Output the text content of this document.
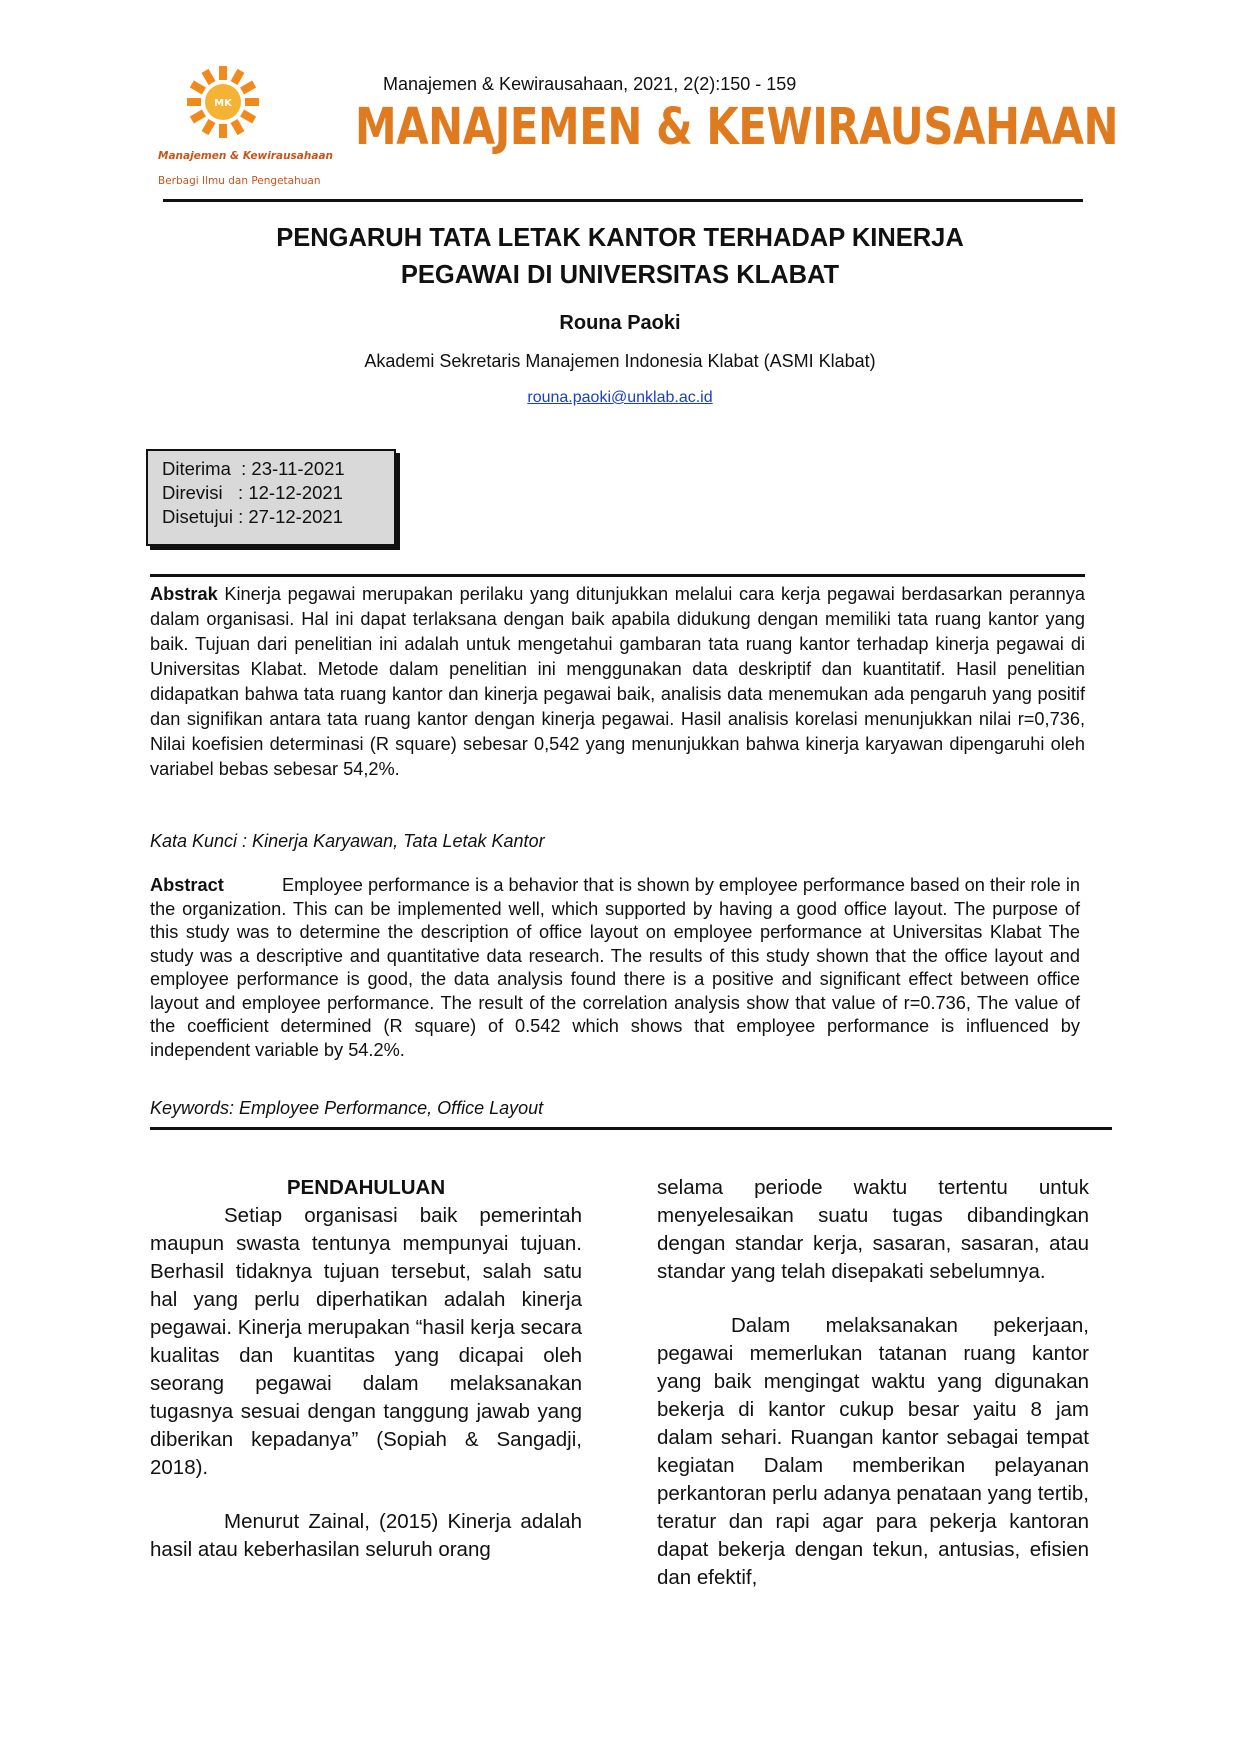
MK
Manajemen & Kewirausahaan
Berbagi Ilmu dan Pengetahuan
Manajemen & Kewirausahaan, 2021, 2(2):150 - 159
MANAJEMEN & KEWIRAUSAHAAN
PENGARUH TATA LETAK KANTOR TERHADAP KINERJA
PEGAWAI DI UNIVERSITAS KLABAT
Rouna Paoki
Akademi Sekretaris Manajemen Indonesia Klabat (ASMI Klabat)
rouna.paoki@unklab.ac.id
Diterima  : 23-11-2021
Direvisi   : 12-12-2021
Disetujui : 27-12-2021
Abstrak Kinerja pegawai merupakan perilaku yang ditunjukkan melalui cara kerja pegawai berdasarkan perannya dalam organisasi. Hal ini dapat terlaksana dengan baik apabila didukung dengan memiliki tata ruang kantor yang baik. Tujuan dari penelitian ini adalah untuk mengetahui gambaran tata ruang kantor terhadap kinerja pegawai di Universitas Klabat. Metode dalam penelitian ini menggunakan data deskriptif dan kuantitatif. Hasil penelitian didapatkan bahwa tata ruang kantor dan kinerja pegawai baik, analisis data menemukan ada pengaruh yang positif dan signifikan antara tata ruang kantor dengan kinerja pegawai. Hasil analisis korelasi menunjukkan nilai r=0,736, Nilai koefisien determinasi (R square) sebesar 0,542 yang menunjukkan bahwa kinerja karyawan dipengaruhi oleh variabel bebas sebesar 54,2%.
Kata Kunci : Kinerja Karyawan, Tata Letak Kantor
Abstract	Employee performance is a behavior that is shown by employee performance based on their role in the organization. This can be implemented well, which supported by having a good office layout. The purpose of this study was to determine the description of office layout on employee performance at Universitas Klabat The study was a descriptive and quantitative data research. The results of this study shown that the office layout and employee performance is good, the data analysis found there is a positive and significant effect between office layout and employee performance. The result of the correlation analysis show that value of r=0.736, The value of the coefficient determined (R square) of 0.542 which shows that employee performance is influenced by independent variable by 54.2%.
Keywords: Employee Performance, Office Layout
PENDAHULUAN

Setiap organisasi baik pemerintah maupun swasta tentunya mempunyai tujuan. Berhasil tidaknya tujuan tersebut, salah satu hal yang perlu diperhatikan adalah kinerja pegawai. Kinerja merupakan “hasil kerja secara kualitas dan kuantitas yang dicapai oleh seorang pegawai dalam melaksanakan tugasnya sesuai dengan tanggung jawab yang diberikan kepadanya” (Sopiah & Sangadji, 2018).

Menurut Zainal, (2015) Kinerja adalah hasil atau keberhasilan seluruh orang

selama periode waktu tertentu untuk menyelesaikan suatu tugas dibandingkan dengan standar kerja, sasaran, sasaran, atau standar yang telah disepakati sebelumnya.

Dalam melaksanakan pekerjaan, pegawai memerlukan tatanan ruang kantor yang baik mengingat waktu yang digunakan bekerja di kantor cukup besar yaitu 8 jam dalam sehari. Ruangan kantor sebagai tempat kegiatan Dalam memberikan pelayanan perkantoran perlu adanya penataan yang tertib, teratur dan rapi agar para pekerja kantoran dapat bekerja dengan tekun, antusias, efisien dan efektif,
